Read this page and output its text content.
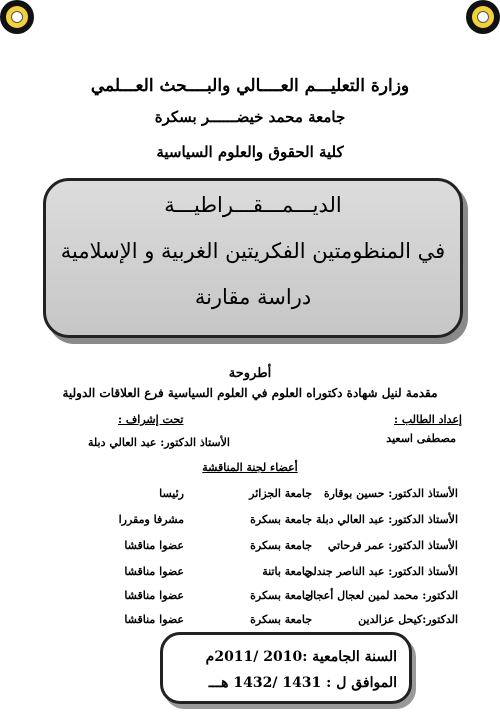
وزارة التعليـــم العــــالي والبــــحث العـــلمي
جامعة محمد خيضــــــر بسكرة
كلية الحقوق والعلوم السياسية
الديـــمـــقـــراطيـــة
في المنظومتين الفكريتين الغربية و الإسلامية
دراسة مقارنة
أطروحة
مقدمة لنيل شهادة دكتوراه العلوم في العلوم السياسية فرع العلاقات الدولية
إعداد الطالب :
مصطفى اسعيد
تحت إشراف :
الأستاذ الدكتور: عبد العالي دبلة
أعضاء لجنة المناقشة
الأستاذ الدكتور: حسين بوقارة
جامعة الجزائر
رئيسا
الأستاذ الدكتور: عبد العالي دبلة
جامعة بسكرة
مشرفا ومقررا
الأستاذ الدكتور: عمر فرحاتي
جامعة بسكرة
عضوا مناقشا
الأستاذ الدكتور: عبد الناصر جندلي
جامعة باتنة
عضوا مناقشا
الدكتور: محمد لمين لعجال أعجال
جامعة بسكرة
عضوا مناقشا
الدكتور:كيحل عزالدين
جامعة بسكرة
عضوا مناقشا
السنة الجامعية :2010 /2011م
الموافق ل : 1431 /1432 هـــ
